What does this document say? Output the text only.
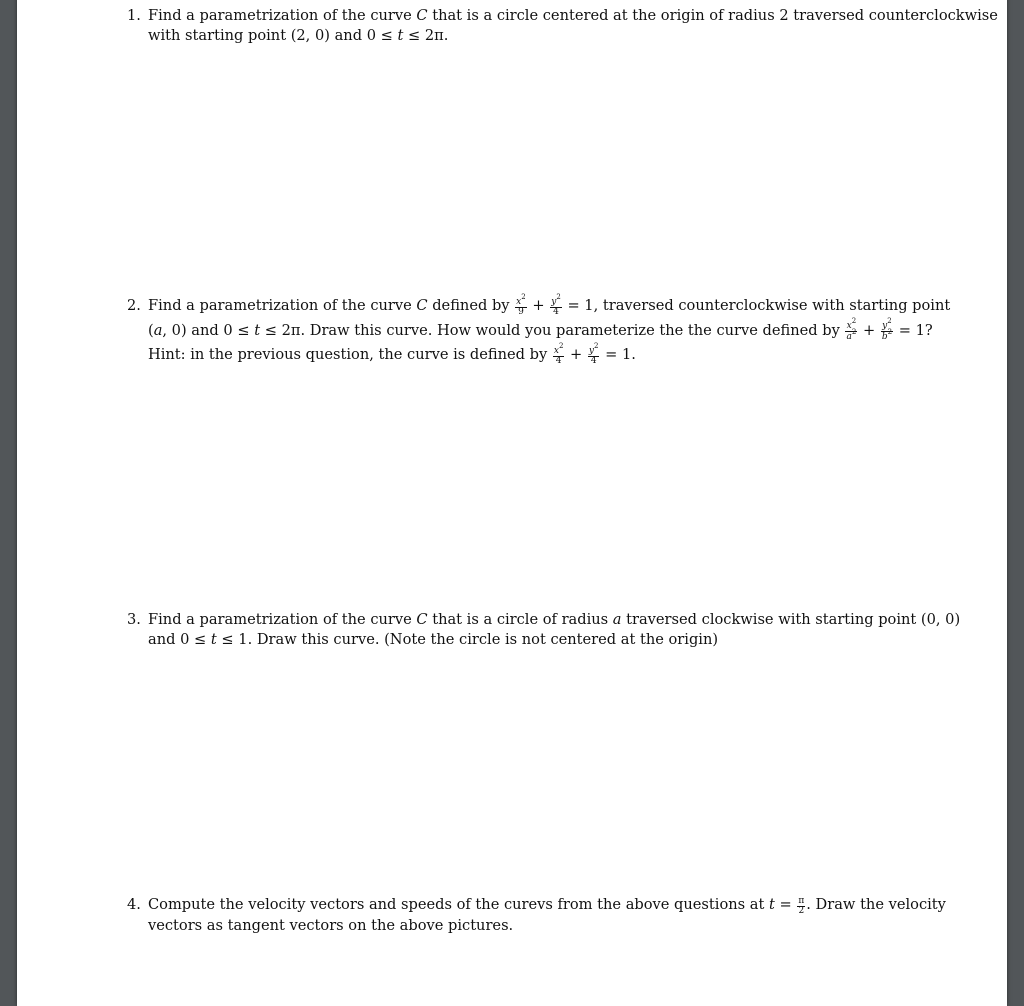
1. Find a parametrization of the curve C that is a circle centered at the origin of radius 2 traversed counterclockwise
with starting point (2, 0) and 0 ≤ t ≤ 2π.
2. Find a parametrization of the curve C defined by $\frac{x^2}{9} + \frac{y^2}{4} = 1$, traversed counterclockwise with starting point
(a, 0) and 0 ≤ t ≤ 2π. Draw this curve. How would you parameterize the the curve defined by $\frac{x^2}{a^2} + \frac{y^2}{b^2} = 1$?
Hint: in the previous question, the curve is defined by $\frac{x^2}{4} + \frac{y^2}{4} = 1$.
3. Find a parametrization of the curve C that is a circle of radius a traversed clockwise with starting point (0, 0)
and 0 ≤ t ≤ 1. Draw this curve. (Note the circle is not centered at the origin)
4. Compute the velocity vectors and speeds of the curevs from the above questions at $t = \frac{\pi}{2}$ . Draw the velocity
vectors as tangent vectors on the above pictures.
